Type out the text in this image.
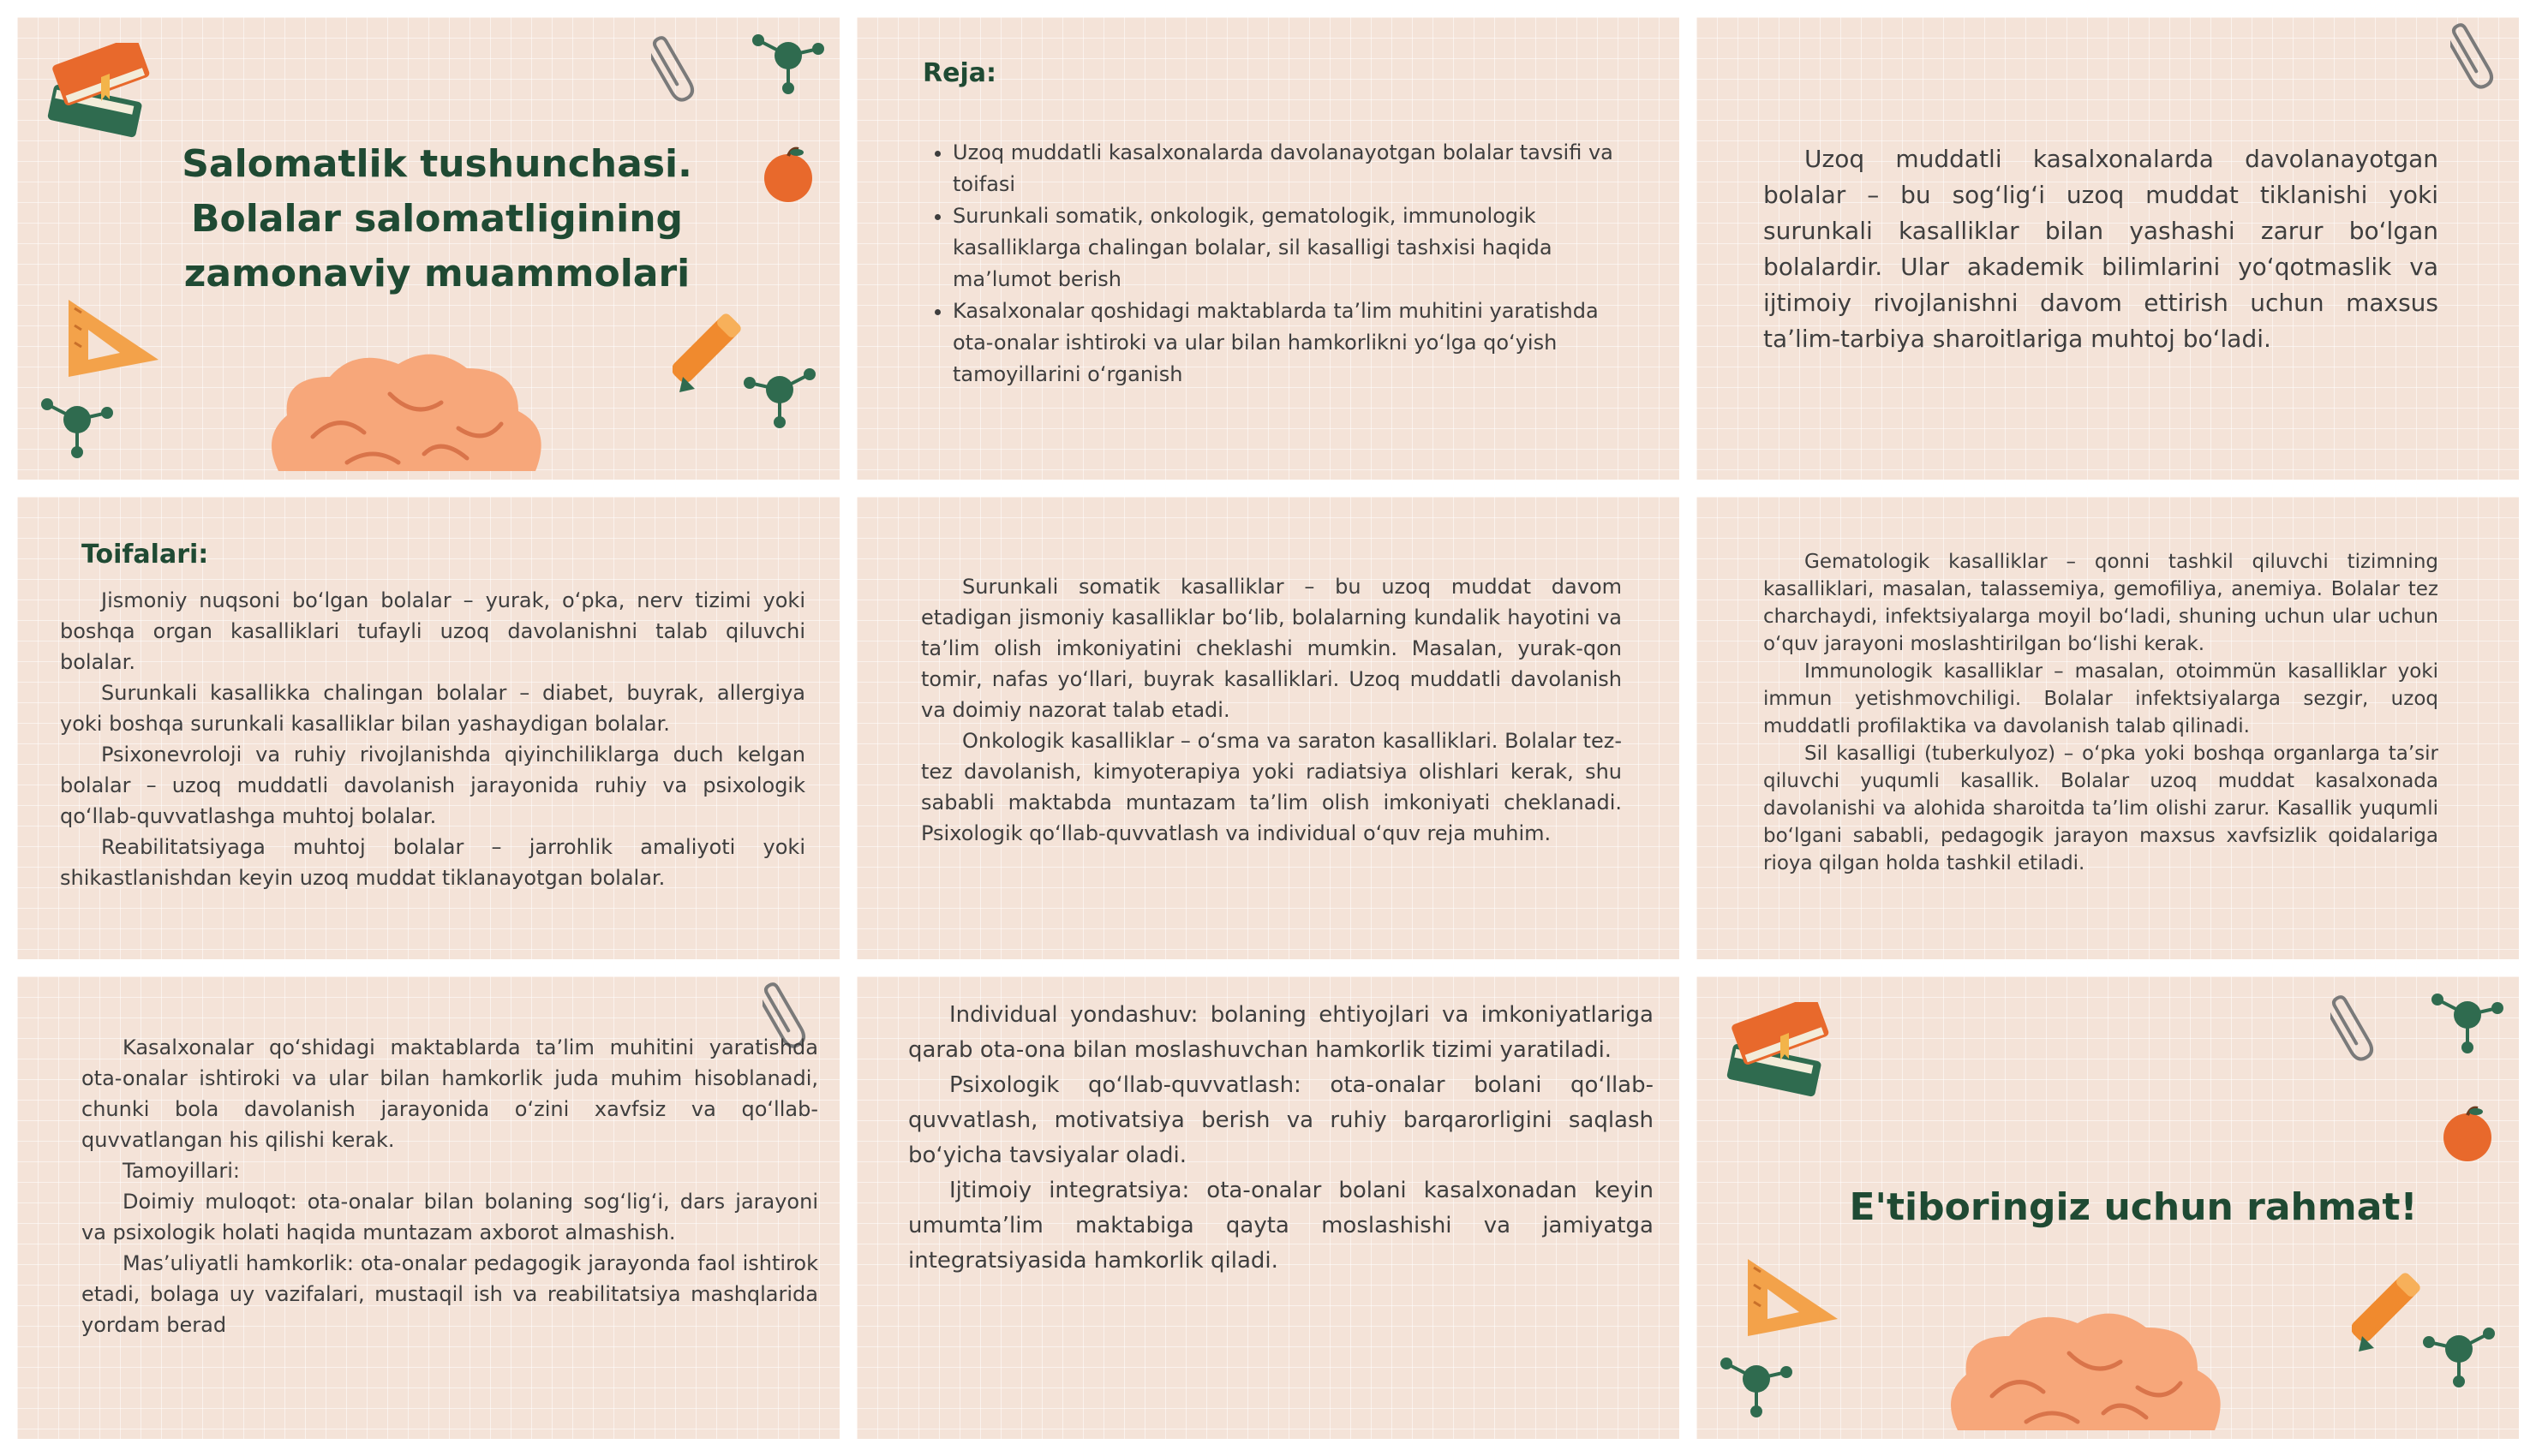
Salomatlik tushunchasi. Bolalar salomatligining zamonaviy muammolari
Reja:
• Uzoq muddatli kasalxonalarda davolanayotgan bolalar tavsifi va toifasi
• Surunkali somatik, onkologik, gematologik, immunologik kasalliklarga chalingan bolalar, sil kasalligi tashxisi haqida maʼlumot berish
• Kasalxonalar qoshidagi maktablarda taʼlim muhitini yaratishda ota-onalar ishtiroki va ular bilan hamkorlikni yoʻlga qoʻyish tamoyillarini oʻrganish

Uzoq muddatli kasalxonalarda davolanayotgan bolalar – bu sogʻligʻi uzoq muddat tiklanishi yoki surunkali kasalliklar bilan yashashi zarur boʻlgan bolalardir. Ular akademik bilimlarini yoʻqotmaslik va ijtimoiy rivojlanishni davom ettirish uchun maxsus taʼlim-tarbiya sharoitlariga muhtoj boʻladi.

Toifalari:

Jismoniy nuqsoni boʻlgan bolalar – yurak, oʻpka, nerv tizimi yoki boshqa organ kasalliklari tufayli uzoq davolanishni talab qiluvchi bolalar.

Surunkali kasallikka chalingan bolalar – diabet, buyrak, allergiya yoki boshqa surunkali kasalliklar bilan yashaydigan bolalar.

Psixonevroloji va ruhiy rivojlanishda qiyinchiliklarga duch kelgan bolalar – uzoq muddatli davolanish jarayonida ruhiy va psixologik qoʻllab-quvvatlashga muhtoj bolalar.

Reabilitatsiyaga muhtoj bolalar – jarrohlik amaliyoti yoki shikastlanishdan keyin uzoq muddat tiklanayotgan bolalar.

Surunkali somatik kasalliklar – bu uzoq muddat davom etadigan jismoniy kasalliklar boʻlib, bolalarning kundalik hayotini va taʼlim olish imkoniyatini cheklashi mumkin. Masalan, yurak-qon tomir, nafas yoʻllari, buyrak kasalliklari. Uzoq muddatli davolanish va doimiy nazorat talab etadi.

Onkologik kasalliklar – oʻsma va saraton kasalliklari. Bolalar tez-tez davolanish, kimyoterapiya yoki radiatsiya olishlari kerak, shu sababli maktabda muntazam taʼlim olish imkoniyati cheklanadi. Psixologik qoʻllab-quvvatlash va individual oʻquv reja muhim.

Gematologik kasalliklar – qonni tashkil qiluvchi tizimning kasalliklari, masalan, talassemiya, gemofiliya, anemiya. Bolalar tez charchaydi, infektsiyalarga moyil boʻladi, shuning uchun ular uchun oʻquv jarayoni moslashtirilgan boʻlishi kerak.

Immunologik kasalliklar – masalan, otoimmün kasalliklar yoki immun yetishmovchiligi. Bolalar infektsiyalarga sezgir, uzoq muddatli profilaktika va davolanish talab qilinadi.

Sil kasalligi (tuberkulyoz) – oʻpka yoki boshqa organlarga taʼsir qiluvchi yuqumli kasallik. Bolalar uzoq muddat kasalxonada davolanishi va alohida sharoitda taʼlim olishi zarur. Kasallik yuqumli boʻlgani sababli, pedagogik jarayon maxsus xavfsizlik qoidalariga rioya qilgan holda tashkil etiladi.

Kasalxonalar qoʻshidagi maktablarda taʼlim muhitini yaratishda ota-onalar ishtiroki va ular bilan hamkorlik juda muhim hisoblanadi, chunki bola davolanish jarayonida oʻzini xavfsiz va qoʻllab-quvvatlangan his qilishi kerak.

Tamoyillari:

Doimiy muloqot: ota-onalar bilan bolaning sogʻligʻi, dars jarayoni va psixologik holati haqida muntazam axborot almashish.

Masʼuliyatli hamkorlik: ota-onalar pedagogik jarayonda faol ishtirok etadi, bolaga uy vazifalari, mustaqil ish va reabilitatsiya mashqlarida yordam berad

Individual yondashuv: bolaning ehtiyojlari va imkoniyatlariga qarab ota-ona bilan moslashuvchan hamkorlik tizimi yaratiladi.

Psixologik qoʻllab-quvvatlash: ota-onalar bolani qoʻllab-quvvatlash, motivatsiya berish va ruhiy barqarorligini saqlash boʻyicha tavsiyalar oladi.

Ijtimoiy integratsiya: ota-onalar bolani kasalxonadan keyin umumtaʼlim maktabiga qayta moslashishi va jamiyatga integratsiyasida hamkorlik qiladi.

E'tiboringiz uchun rahmat!
